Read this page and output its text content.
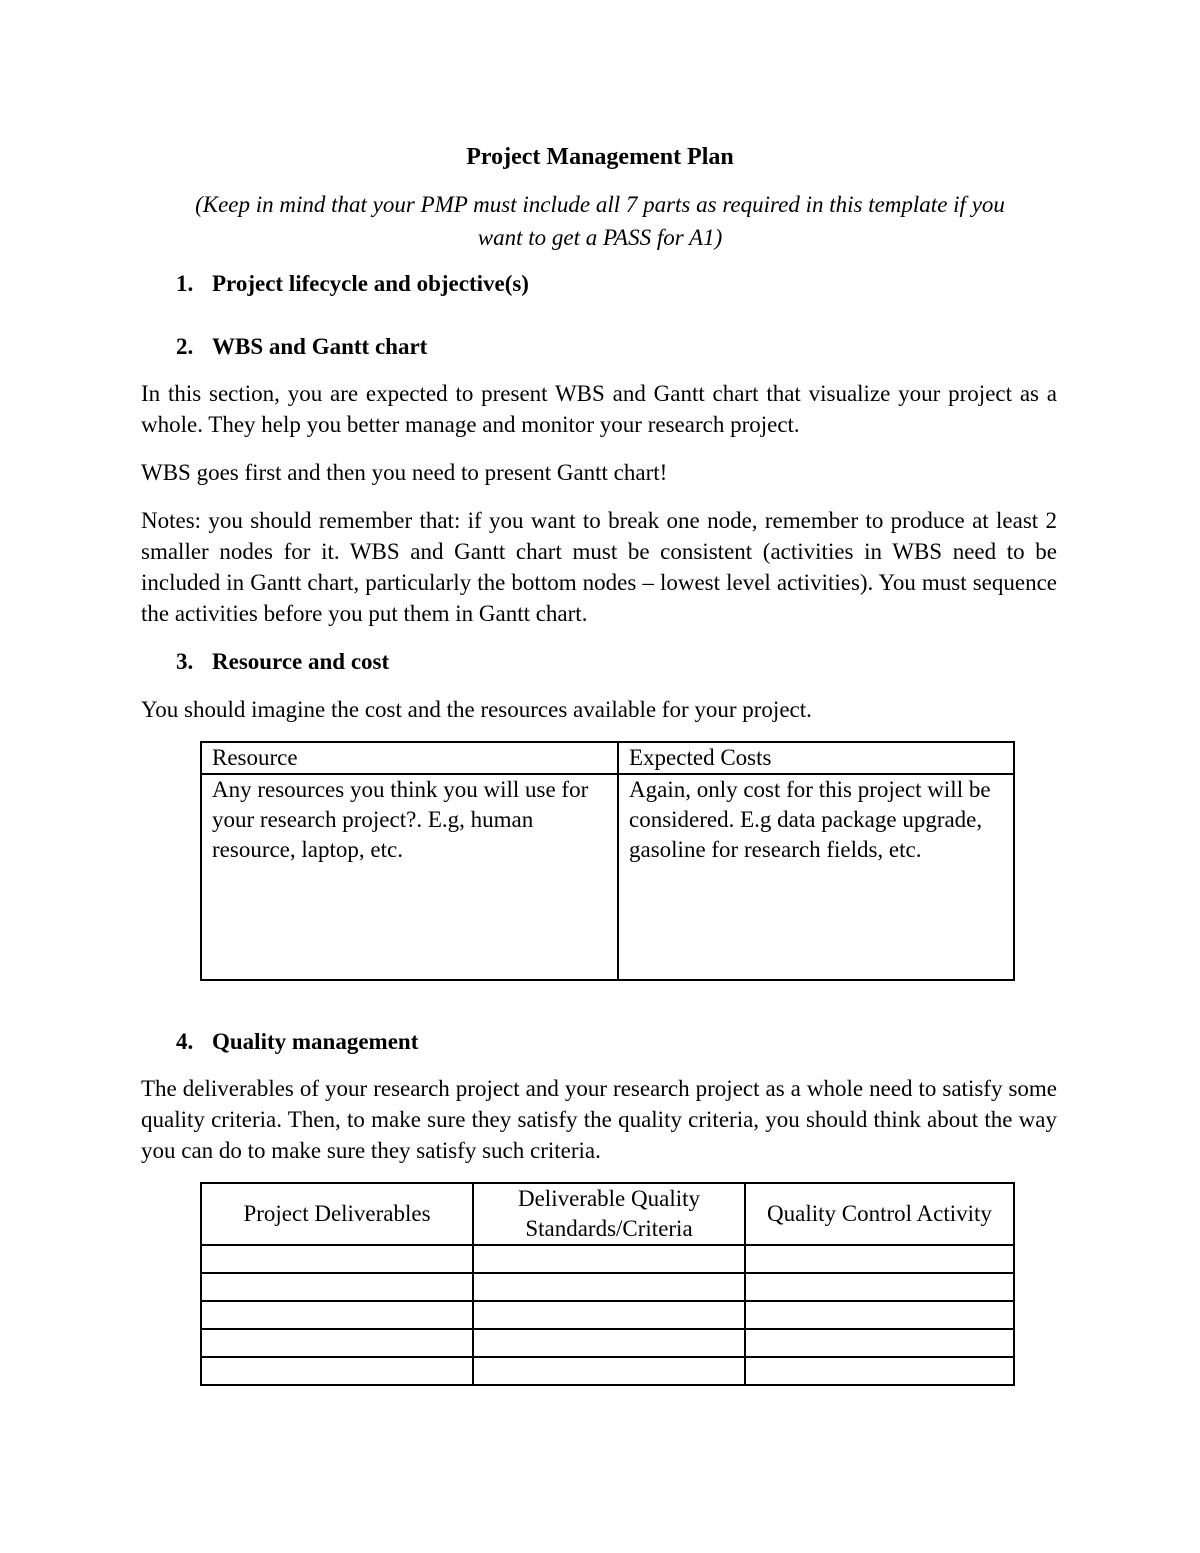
Project Management Plan
(Keep in mind that your PMP must include all 7 parts as required in this template if you
want to get a PASS for A1)
1. Project lifecycle and objective(s)
2. WBS and Gantt chart
In this section, you are expected to present WBS and Gantt chart that visualize your project as a whole. They help you better manage and monitor your research project.
WBS goes first and then you need to present Gantt chart!
Notes: you should remember that: if you want to break one node, remember to produce at least 2 smaller nodes for it. WBS and Gantt chart must be consistent (activities in WBS need to be included in Gantt chart, particularly the bottom nodes – lowest level activities). You must sequence the activities before you put them in Gantt chart.
3. Resource and cost
You should imagine the cost and the resources available for your project.
Resource	Expected Costs
Any resources you think you will use for your research project?. E.g, human resource, laptop, etc.	Again, only cost for this project will be considered. E.g data package upgrade, gasoline for research fields, etc.
4. Quality management
The deliverables of your research project and your research project as a whole need to satisfy some quality criteria. Then, to make sure they satisfy the quality criteria, you should think about the way you can do to make sure they satisfy such criteria.
Project Deliverables	Deliverable Quality Standards/Criteria	Quality Control Activity
